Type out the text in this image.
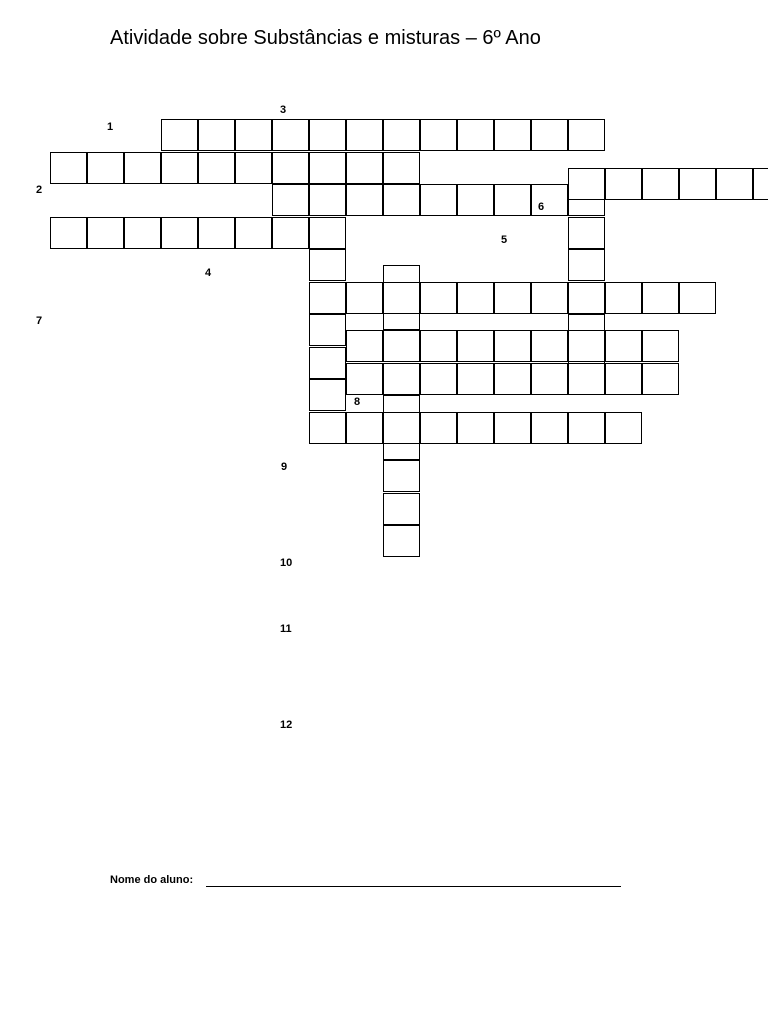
Atividade sobre Substâncias e misturas – 6º Ano
1
2
3
4
5
6
7
8
9
10
11
12
Nome do aluno:
